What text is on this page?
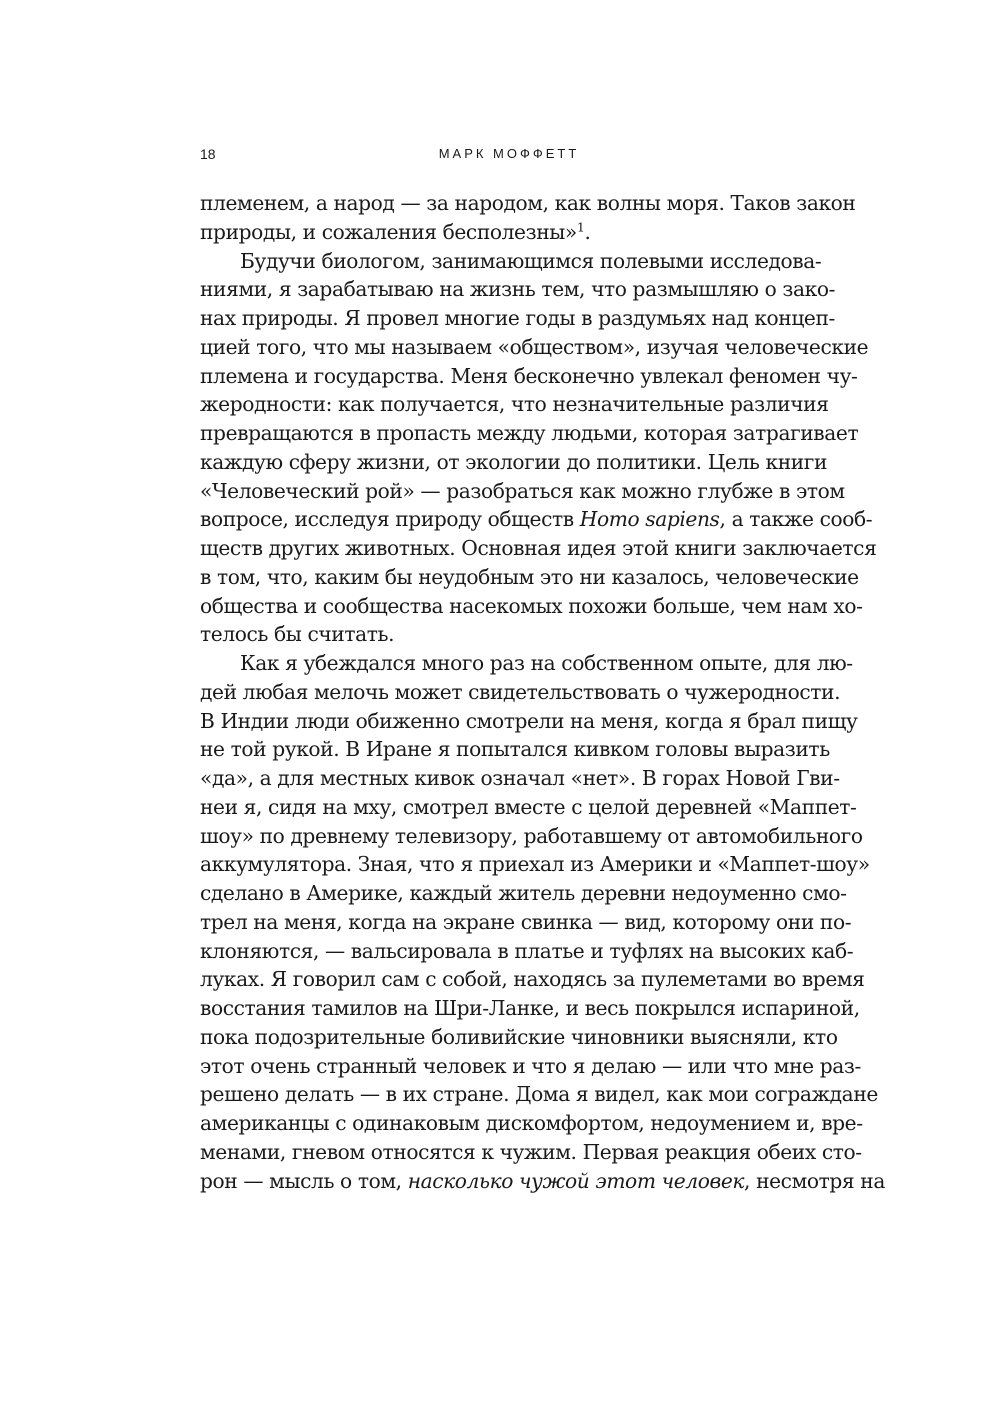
18	МАРК МОФФЕТТ
племенем, а народ — за народом, как волны моря. Таков закон
природы, и сожаления бесполезны»$^1$.
Будучи биологом, занимающимся полевыми исследова-
ниями, я зарабатываю на жизнь тем, что размышляю о зако-
нах природы. Я провел многие годы в раздумьях над концеп-
цией того, что мы называем «обществом», изучая человеческие
племена и государства. Меня бесконечно увлекал феномен чу-
жеродности: как получается, что незначительные различия
превращаются в пропасть между людьми, которая затрагивает
каждую сферу жизни, от экологии до политики. Цель книги
«Человеческий рой» — разобраться как можно глубже в этом
вопросе, исследуя природу обществ Homo sapiens, а также сооб-
ществ других животных. Основная идея этой книги заключается
в том, что, каким бы неудобным это ни казалось, человеческие
общества и сообщества насекомых похожи больше, чем нам хо-
телось бы считать.
Как я убеждался много раз на собственном опыте, для лю-
дей любая мелочь может свидетельствовать о чужеродности.
В Индии люди обиженно смотрели на меня, когда я брал пищу
не той рукой. В Иране я попытался кивком головы выразить
«да», а для местных кивок означал «нет». В горах Новой Гви-
неи я, сидя на мху, смотрел вместе с целой деревней «Маппет-
шоу» по древнему телевизору, работавшему от автомобильного
аккумулятора. Зная, что я приехал из Америки и «Маппет-шоу»
сделано в Америке, каждый житель деревни недоуменно смо-
трел на меня, когда на экране свинка — вид, которому они по-
клоняются, — вальсировала в платье и туфлях на высоких каб-
луках. Я говорил сам с собой, находясь за пулеметами во время
восстания тамилов на Шри-Ланке, и весь покрылся испариной,
пока подозрительные боливийские чиновники выясняли, кто
этот очень странный человек и что я делаю — или что мне раз-
решено делать — в их стране. Дома я видел, как мои сограждане
американцы с одинаковым дискомфортом, недоумением и, вре-
менами, гневом относятся к чужим. Первая реакция обеих сто-
рон — мысль о том, насколько чужой этот человек, несмотря на
